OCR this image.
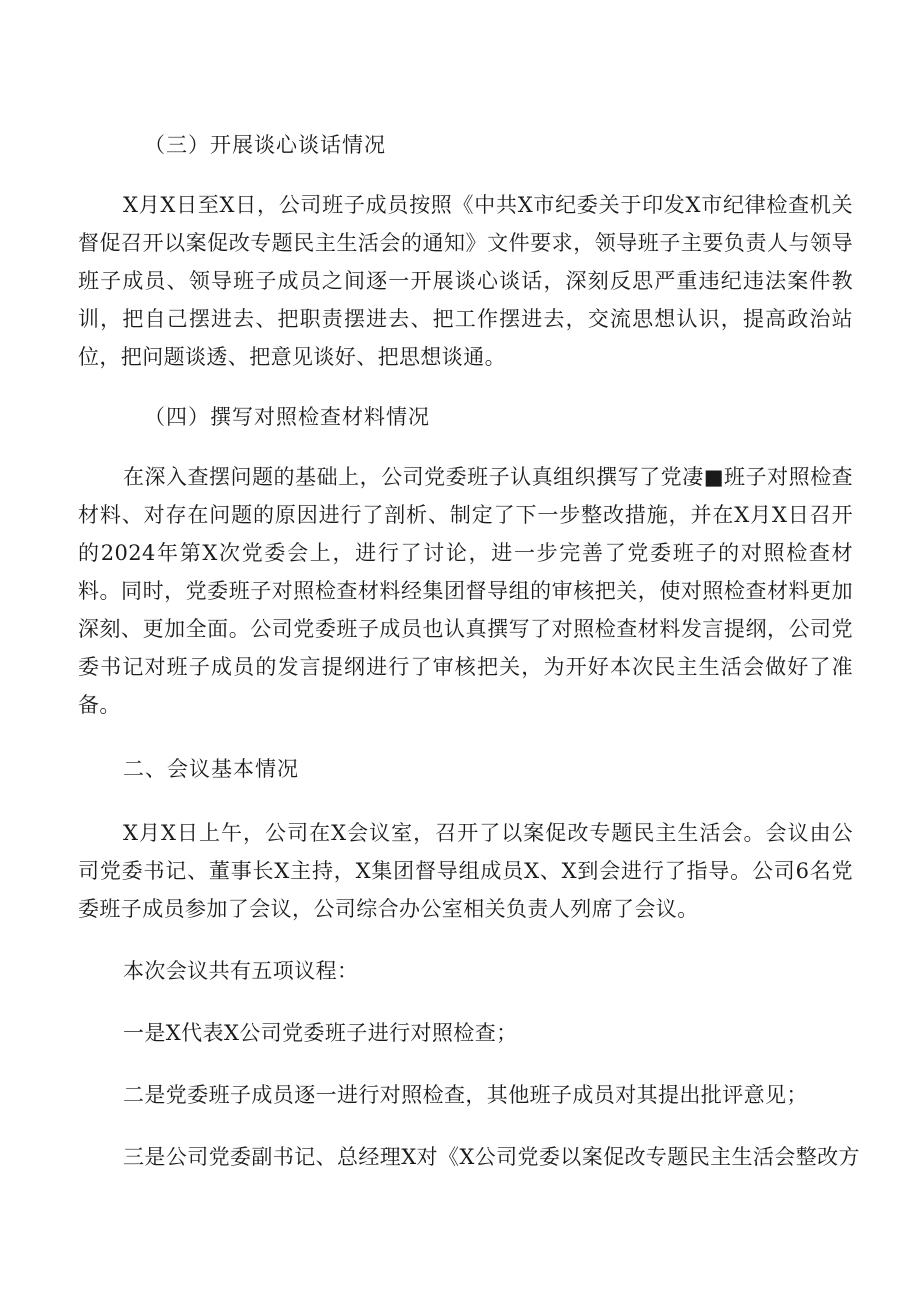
（三）开展谈心谈话情况

X月X日至X日，公司班子成员按照《中共X市纪委关于印发X市纪律检查机关督促召开以案促改专题民主生活会的通知》文件要求，领导班子主要负责人与领导班子成员、领导班子成员之间逐一开展谈心谈话，深刻反思严重违纪违法案件教训，把自己摆进去、把职责摆进去、把工作摆进去，交流思想认识，提高政治站位，把问题谈透、把意见谈好、把思想谈通。

（四）撰写对照检查材料情况

在深入查摆问题的基础上，公司党委班子认真组织撰写了党凄■班子对照检查材料、对存在问题的原因进行了剖析、制定了下一步整改措施，并在X月X日召开的2024年第X次党委会上，进行了讨论，进一步完善了党委班子的对照检查材料。同时，党委班子对照检查材料经集团督导组的审核把关，使对照检查材料更加深刻、更加全面。公司党委班子成员也认真撰写了对照检查材料发言提纲，公司党委书记对班子成员的发言提纲进行了审核把关，为开好本次民主生活会做好了准备。

二、会议基本情况

X月X日上午，公司在X会议室，召开了以案促改专题民主生活会。会议由公司党委书记、董事长X主持，X集团督导组成员X、X到会进行了指导。公司6名党委班子成员参加了会议，公司综合办公室相关负责人列席了会议。

本次会议共有五项议程：

一是X代表X公司党委班子进行对照检查；

二是党委班子成员逐一进行对照检查，其他班子成员对其提出批评意见；

三是公司党委副书记、总经理X对《X公司党委以案促改专题民主生活会整改方
